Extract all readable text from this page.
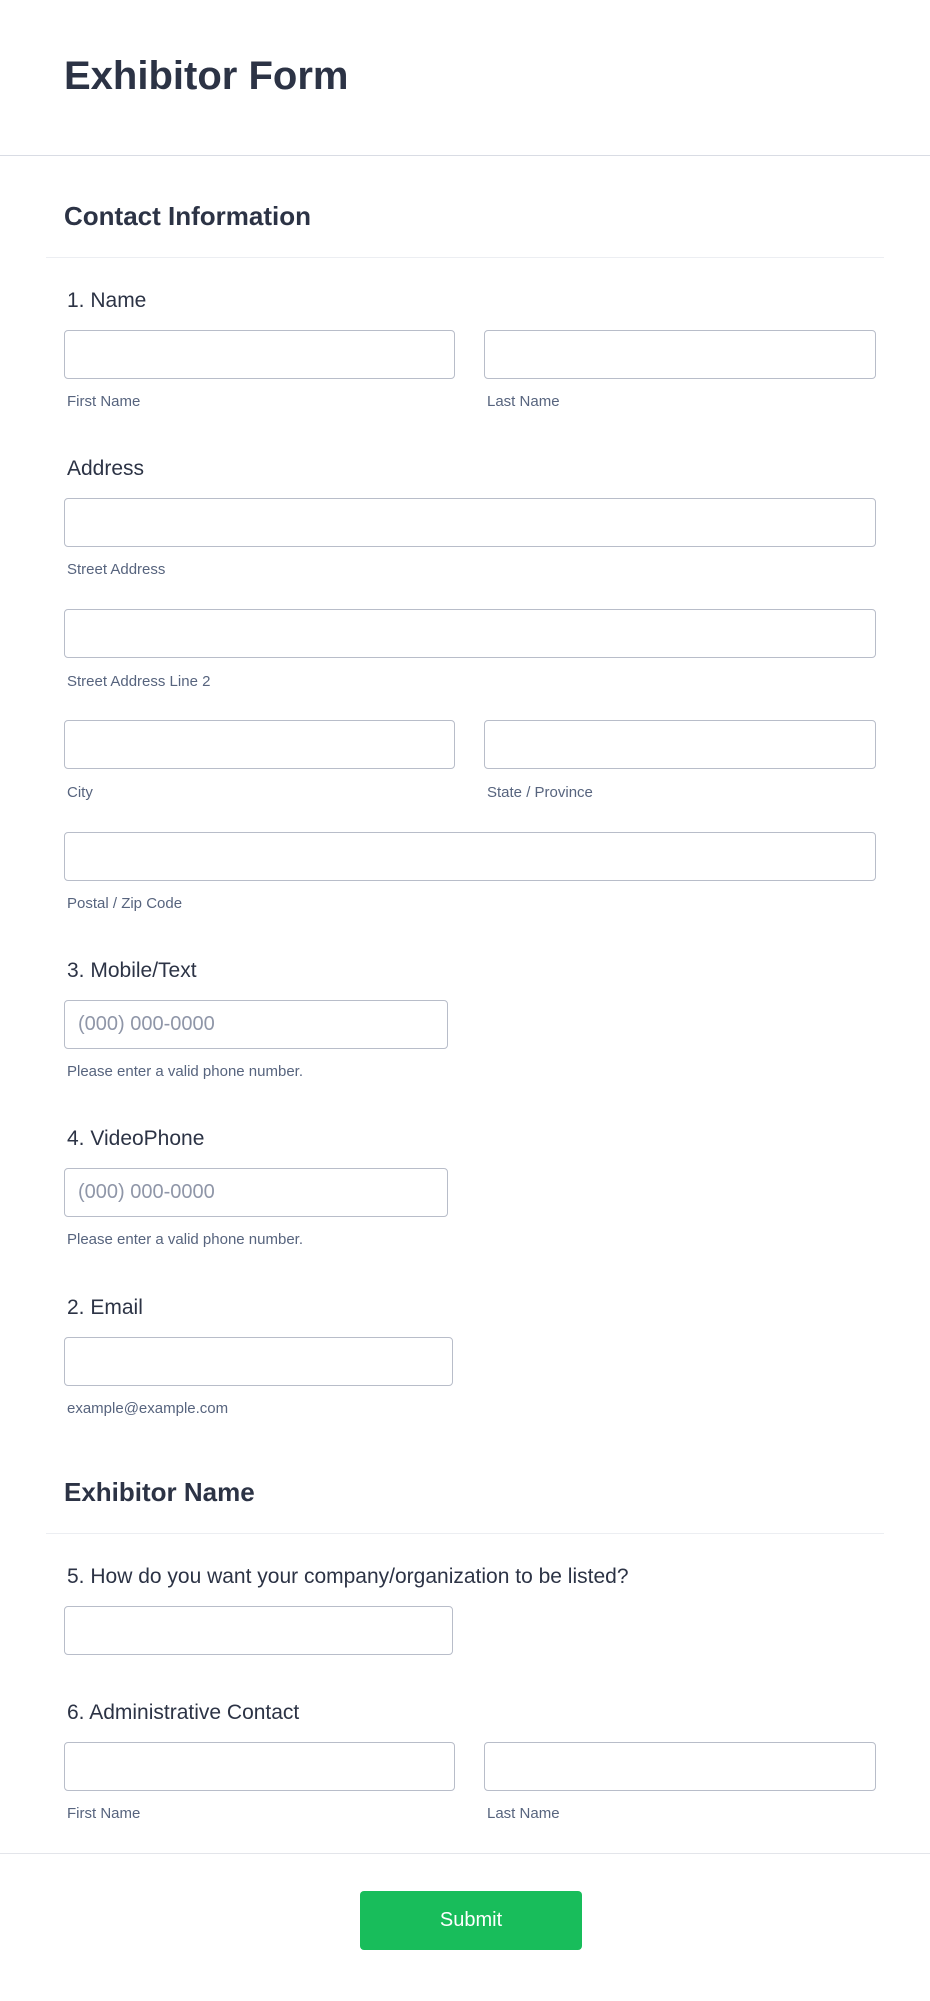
Exhibitor Form
Contact Information
1. Name
First Name	Last Name
Address
Street Address
Street Address Line 2
City	State / Province
Postal / Zip Code
3. Mobile/Text
(000) 000-0000
Please enter a valid phone number.
4. VideoPhone
(000) 000-0000
Please enter a valid phone number.
2. Email
example@example.com
Exhibitor Name
5. How do you want your company/organization to be listed?
6. Administrative Contact
First Name	Last Name
Submit
